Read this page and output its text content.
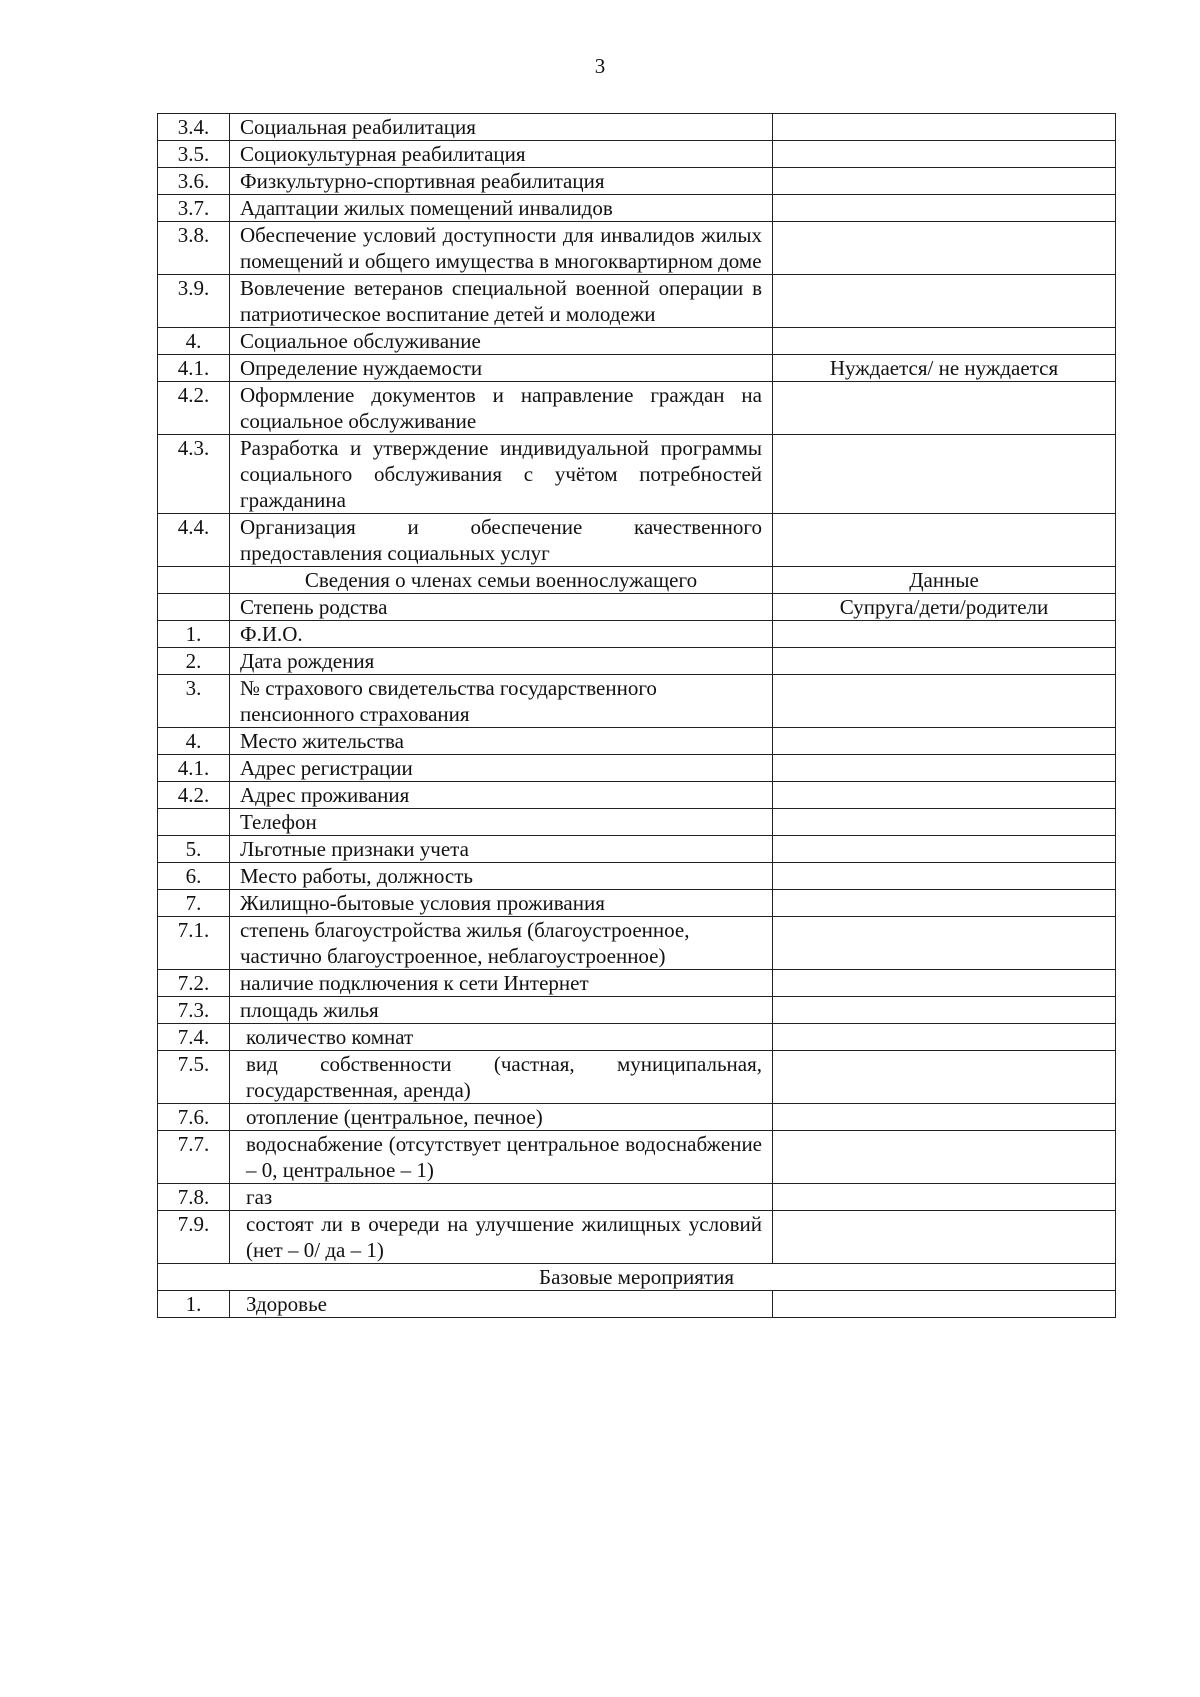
3
3.4.	Социальная реабилитация	
3.5.	Социокультурная реабилитация	
3.6.	Физкультурно-спортивная реабилитация	
3.7.	Адаптации жилых помещений инвалидов	
3.8.	Обеспечение условий доступности для инвалидов жилых помещений и общего имущества в многоквартирном доме	
3.9.	Вовлечение ветеранов специальной военной операции в патриотическое воспитание детей и молодежи	
4.	Социальное обслуживание	
4.1.	Определение нуждаемости	Нуждается/ не нуждается
4.2.	Оформление документов и направление граждан на социальное обслуживание	
4.3.	Разработка и утверждение индивидуальной программы социального обслуживания с учётом потребностей гражданина	
4.4.	Организация и обеспечение качественного предоставления социальных услуг	
	Сведения о членах семьи военнослужащего	Данные
	Степень родства	Супруга/дети/родители
1.	Ф.И.О.	
2.	Дата рождения	
3.	№ страхового свидетельства государственного пенсионного страхования	
4.	Место жительства	
4.1.	Адрес регистрации	
4.2.	Адрес проживания	
	Телефон	
5.	Льготные признаки учета	
6.	Место работы, должность	
7.	Жилищно-бытовые условия проживания	
7.1.	степень благоустройства жилья (благоустроенное, частично благоустроенное, неблагоустроенное)	
7.2.	наличие подключения к сети Интернет	
7.3.	площадь жилья	
7.4.	количество комнат	
7.5.	вид собственности (частная, муниципальная, государственная, аренда)	
7.6.	отопление (центральное, печное)	
7.7.	водоснабжение (отсутствует центральное водоснабжение – 0, центральное – 1)	
7.8.	газ	
7.9.	состоят ли в очереди на улучшение жилищных условий (нет – 0/ да – 1)	
Базовые мероприятия		
1.	Здоровье	
